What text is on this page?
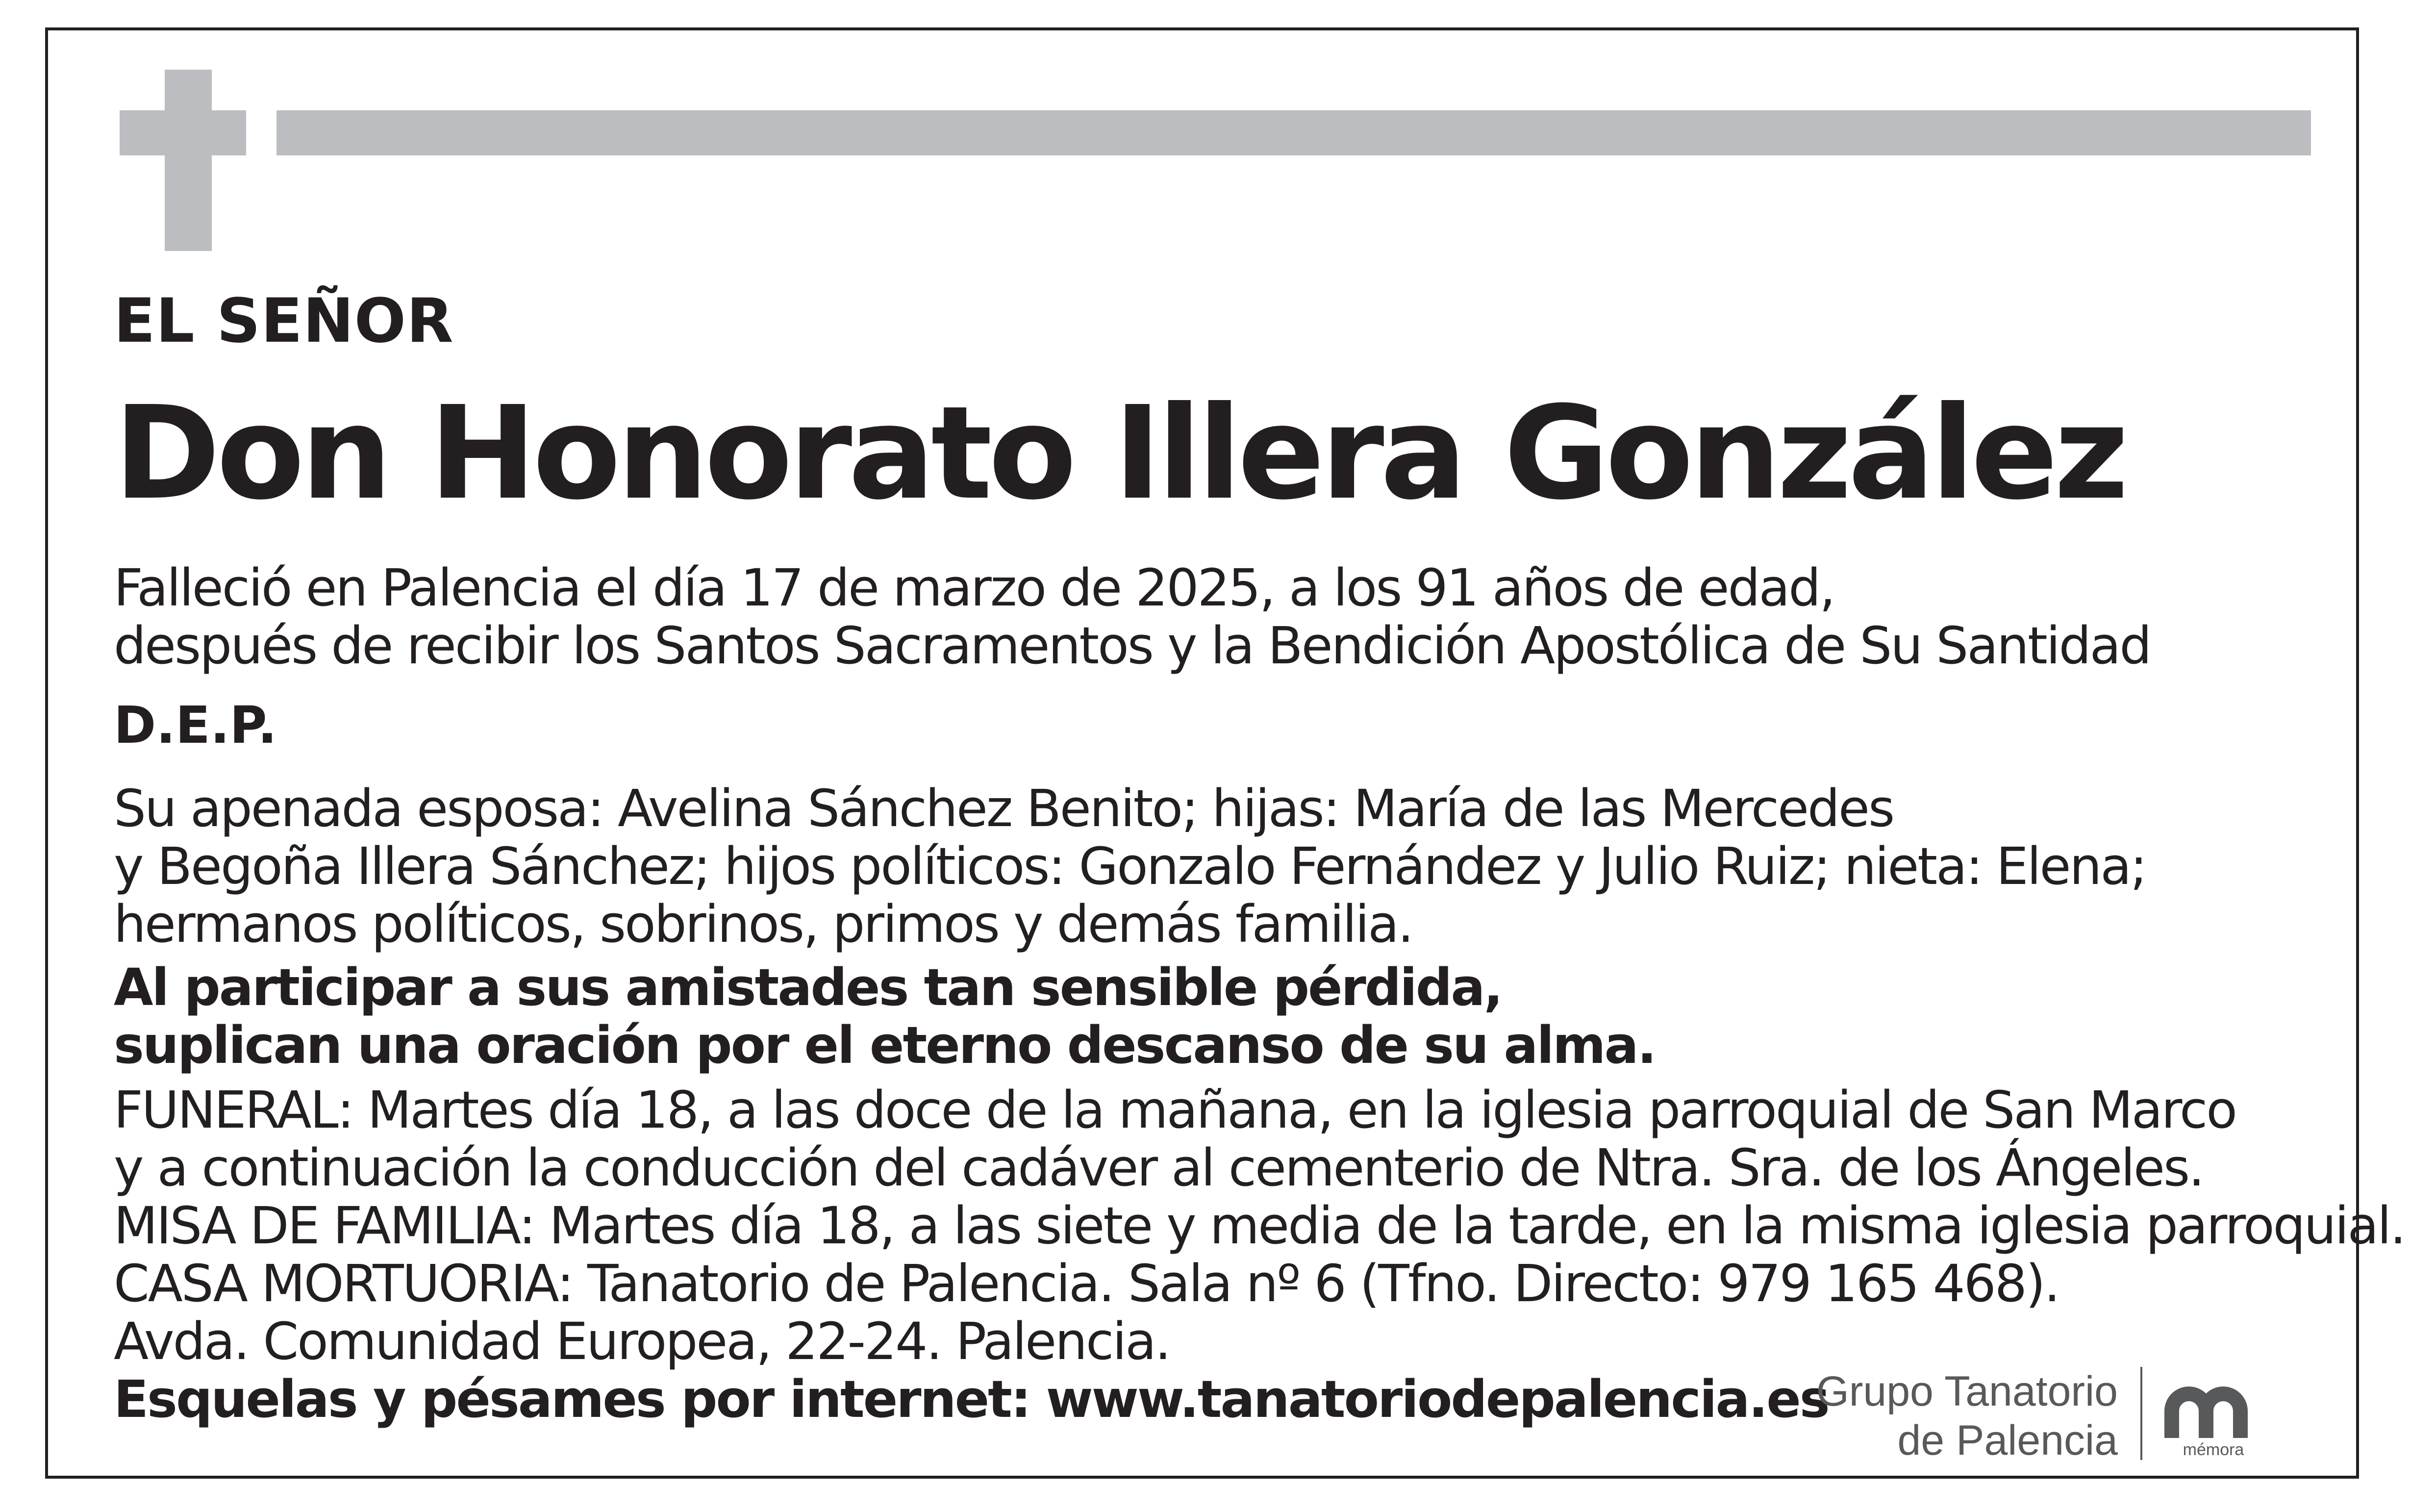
EL SEÑOR

Don Honorato Illera González

Falleció en Palencia el día 17 de marzo de 2025, a los 91 años de edad,
después de recibir los Santos Sacramentos y la Bendición Apostólica de Su Santidad

D.E.P.

Su apenada esposa: Avelina Sánchez Benito; hijas: María de las Mercedes
y Begoña Illera Sánchez; hijos políticos: Gonzalo Fernández y Julio Ruiz; nieta: Elena;
hermanos políticos, sobrinos, primos y demás familia.

Al participar a sus amistades tan sensible pérdida,
suplican una oración por el eterno descanso de su alma.

FUNERAL: Martes día 18, a las doce de la mañana, en la iglesia parroquial de San Marco
y a continuación la conducción del cadáver al cementerio de Ntra. Sra. de los Ángeles.
MISA DE FAMILIA: Martes día 18, a las siete y media de la tarde, en la misma iglesia parroquial.
CASA MORTUORIA: Tanatorio de Palencia. Sala nº 6 (Tfno. Directo: 979 165 468).
Avda. Comunidad Europea, 22-24. Palencia.
Esquelas y pésames por internet: www.tanatoriodepalencia.es

Grupo Tanatorio
de Palencia	mémora
